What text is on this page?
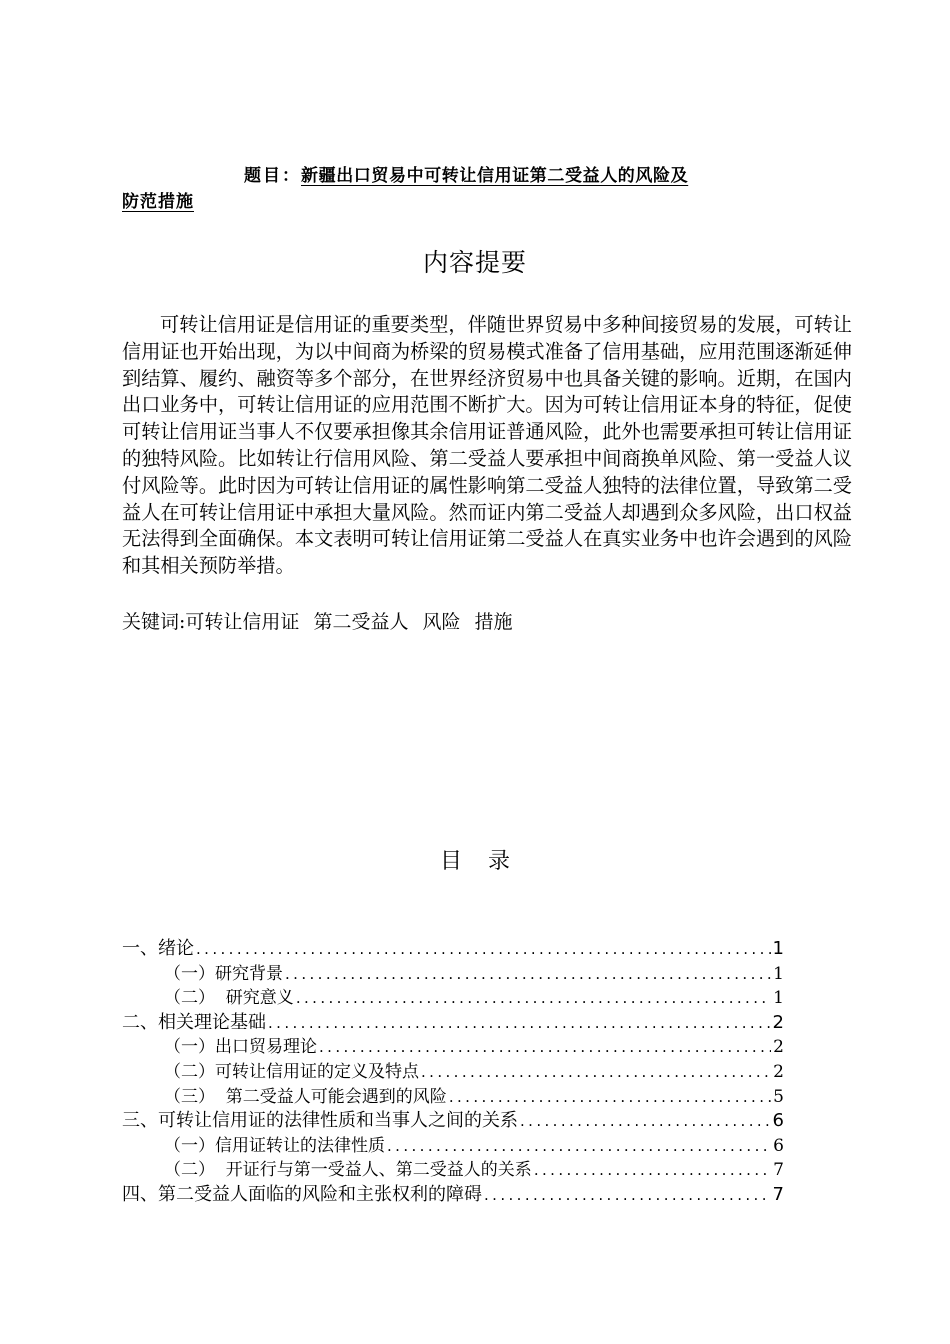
题目：新疆出口贸易中可转让信用证第二受益人的风险及
防范措施
内容提要

可转让信用证是信用证的重要类型，伴随世界贸易中多种间接贸易的发展，可转让信用证也开始出现，为以中间商为桥梁的贸易模式准备了信用基础，应用范围逐渐延伸到结算、履约、融资等多个部分，在世界经济贸易中也具备关键的影响。近期，在国内出口业务中，可转让信用证的应用范围不断扩大。因为可转让信用证本身的特征，促使可转让信用证当事人不仅要承担像其余信用证普通风险，此外也需要承担可转让信用证的独特风险。比如转让行信用风险、第二受益人要承担中间商换单风险、第一受益人议付风险等。此时因为可转让信用证的属性影响第二受益人独特的法律位置，导致第二受益人在可转让信用证中承担大量风险。然而证内第二受益人却遇到众多风险，出口权益无法得到全面确保。本文表明可转让信用证第二受益人在真实业务中也许会遇到的风险和其相关预防举措。

关键词:可转让信用证 第二受益人 风险 措施
目录
一、绪论 .....	1
（一）研究背景 .....	1
（二）  研究意义 .....	1
二、相关理论基础 .....	2
（一）出口贸易理论 .....	2
（二）可转让信用证的定义及特点 .....	2
（三）  第二受益人可能会遇到的风险 .....	5
三、可转让信用证的法律性质和当事人之间的关系 .....	6
（一）信用证转让的法律性质 .....	6
（二）  开证行与第一受益人、第二受益人的关系 .....	7
四、第二受益人面临的风险和主张权利的障碍 .....	7
